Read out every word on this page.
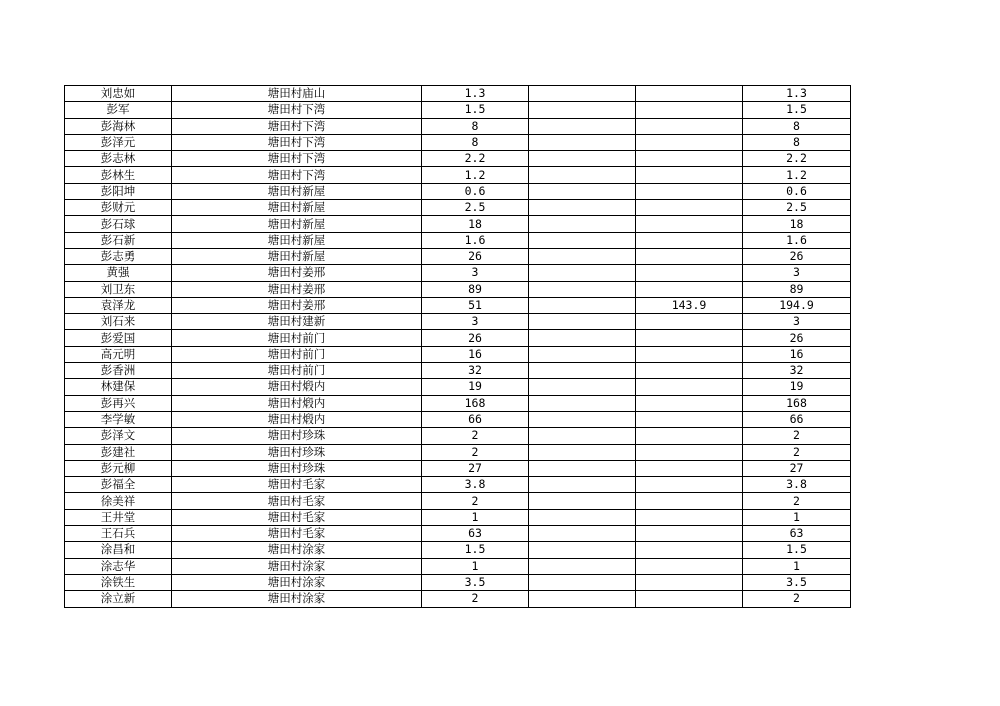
刘忠如	塘田村庙山	1.3			1.3
彭军	塘田村下湾	1.5			1.5
彭海林	塘田村下湾	8			8
彭泽元	塘田村下湾	8			8
彭志林	塘田村下湾	2.2			2.2
彭林生	塘田村下湾	1.2			1.2
彭阳坤	塘田村新屋	0.6			0.6
彭财元	塘田村新屋	2.5			2.5
彭石球	塘田村新屋	18			18
彭石新	塘田村新屋	1.6			1.6
彭志勇	塘田村新屋	26			26
黄强	塘田村姜邢	3			3
刘卫东	塘田村姜邢	89			89
袁泽龙	塘田村姜邢	51		143.9	194.9
刘石来	塘田村建新	3			3
彭爱国	塘田村前门	26			26
高元明	塘田村前门	16			16
彭香洲	塘田村前门	32			32
林建保	塘田村煅内	19			19
彭再兴	塘田村煅内	168			168
李学敏	塘田村煅内	66			66
彭泽文	塘田村珍珠	2			2
彭建社	塘田村珍珠	2			2
彭元柳	塘田村珍珠	27			27
彭福全	塘田村毛家	3.8			3.8
徐美祥	塘田村毛家	2			2
王井堂	塘田村毛家	1			1
王石兵	塘田村毛家	63			63
涂昌和	塘田村涂家	1.5			1.5
涂志华	塘田村涂家	1			1
涂铁生	塘田村涂家	3.5			3.5
涂立新	塘田村涂家	2			2
